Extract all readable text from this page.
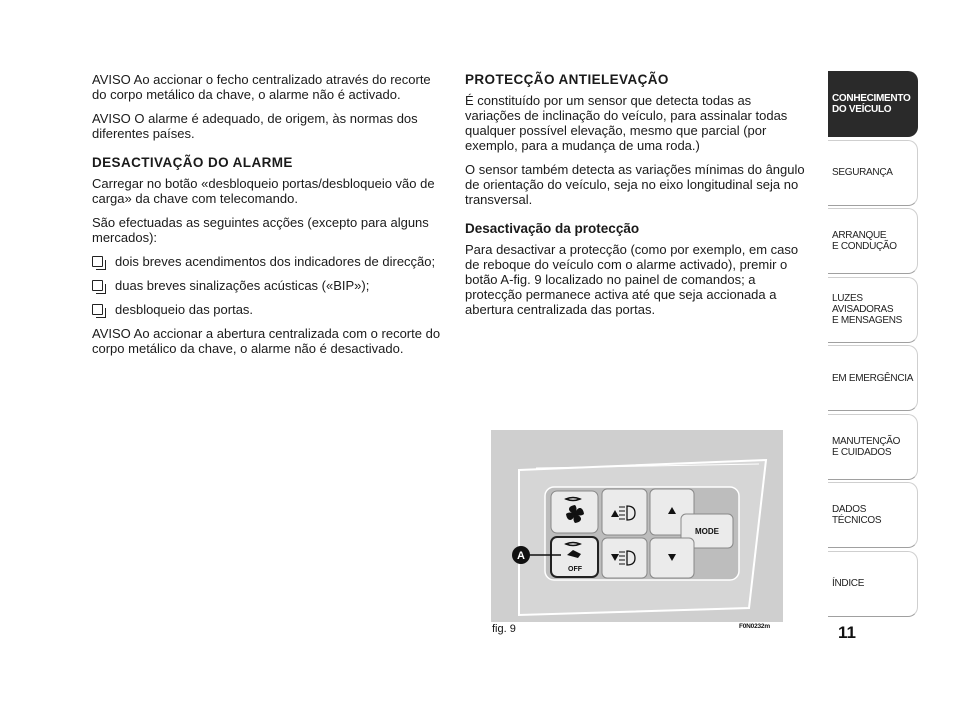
AVISO Ao accionar o fecho centralizado através do recorte do corpo metálico da chave, o alarme não é activado.

AVISO O alarme é adequado, de origem, às normas dos diferentes países.

DESACTIVAÇÃO DO ALARME

Carregar no botão «desbloqueio portas/desbloqueio vão de carga» da chave com telecomando.

São efectuadas as seguintes acções (excepto para alguns mercados):

dois breves acendimentos dos indicadores de direcção;
duas breves sinalizações acústicas («BIP»);
desbloqueio das portas.

AVISO Ao accionar a abertura centralizada com o recorte do corpo metálico da chave, o alarme não é desactivado.

PROTECÇÃO ANTIELEVAÇÃO

É constituído por um sensor que detecta todas as variações de inclinação do veículo, para assinalar todas qualquer possível elevação, mesmo que parcial (por exemplo, para a mudança de uma roda.)

O sensor também detecta as variações mínimas do ângulo de orientação do veículo, seja no eixo longitudinal seja no transversal.

Desactivação da protecção

Para desactivar a protecção (como por exemplo, em caso de reboque do veículo com o alarme activado), premir o botão A-fig. 9 localizado no painel de comandos; a protecção permanece activa até que seja accionada a abertura centralizada das portas.

MODE
OFF
A
fig. 9	F0N0232m
CONHECIMENTO
DO VEÍCULO
SEGURANÇA
ARRANQUE
E CONDUÇÃO
LUZES
AVISADORAS
E MENSAGENS
EM EMERGÊNCIA
MANUTENÇÃO
E CUIDADOS
DADOS
TÉCNICOS
ÍNDICE
11
